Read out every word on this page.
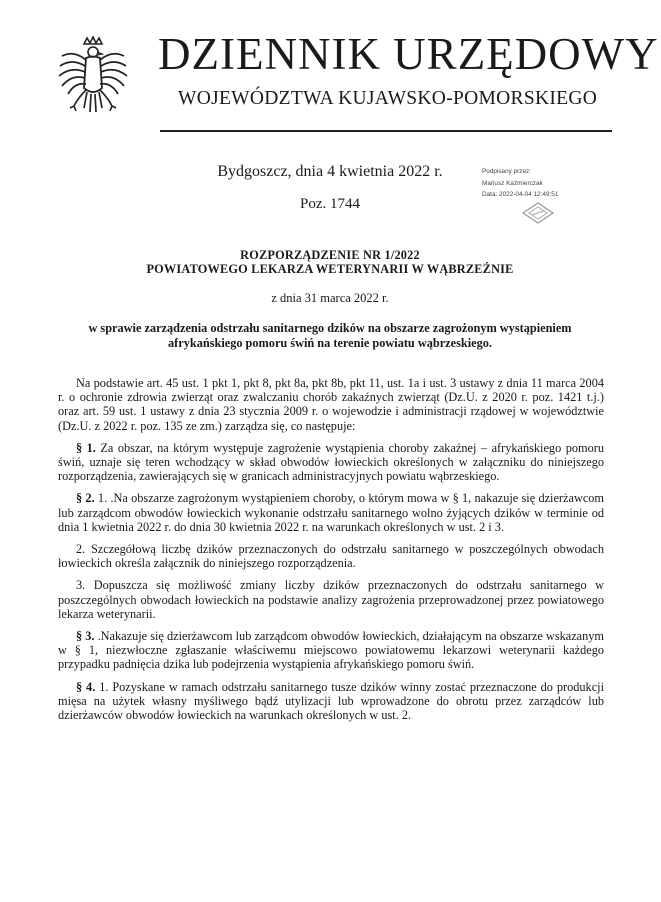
DZIENNIK URZĘDOWY
WOJEWÓDZTWA KUJAWSKO-POMORSKIEGO
Bydgoszcz, dnia 4 kwietnia 2022 r.
Poz. 1744
Podpisany przez:
Mariusz Kaźmierczak
Data: 2022-04-04 12:49:51
ROZPORZĄDZENIE NR 1/2022
POWIATOWEGO LEKARZA WETERYNARII W WĄBRZEŹNIE
z dnia 31 marca 2022 r.
w sprawie zarządzenia odstrzału sanitarnego dzików na obszarze zagrożonym wystąpieniem afrykańskiego pomoru świń na terenie powiatu wąbrzeskiego.

Na podstawie art. 45 ust. 1 pkt 1, pkt 8, pkt 8a, pkt 8b, pkt 11, ust. 1a i ust. 3 ustawy z dnia 11 marca 2004 r. o ochronie zdrowia zwierząt oraz zwalczaniu chorób zakaźnych zwierząt (Dz.U. z 2020 r. poz. 1421 t.j.) oraz art. 59 ust. 1 ustawy z dnia 23 stycznia 2009 r. o wojewodzie i administracji rządowej w województwie (Dz.U. z 2022 r. poz. 135 ze zm.) zarządza się, co następuje:

§ 1. Za obszar, na którym występuje zagrożenie wystąpienia choroby zakaźnej – afrykańskiego pomoru świń, uznaje się teren wchodzący w skład obwodów łowieckich określonych w załączniku do niniejszego rozporządzenia, zawierających się w granicach administracyjnych powiatu wąbrzeskiego.

§ 2. 1. .Na obszarze zagrożonym wystąpieniem choroby, o którym mowa w § 1, nakazuje się dzierżawcom lub zarządcom obwodów łowieckich wykonanie odstrzału sanitarnego wolno żyjących dzików w terminie od dnia 1 kwietnia 2022 r. do dnia 30 kwietnia 2022 r. na warunkach określonych w ust. 2 i 3.

2. Szczegółową liczbę dzików przeznaczonych do odstrzału sanitarnego w poszczególnych obwodach łowieckich określa załącznik do niniejszego rozporządzenia.

3. Dopuszcza się możliwość zmiany liczby dzików przeznaczonych do odstrzału sanitarnego w poszczególnych obwodach łowieckich na podstawie analizy zagrożenia przeprowadzonej przez powiatowego lekarza weterynarii.

§ 3. .Nakazuje się dzierżawcom lub zarządcom obwodów łowieckich, działającym na obszarze wskazanym w § 1, niezwłoczne zgłaszanie właściwemu miejscowo powiatowemu lekarzowi weterynarii każdego przypadku padnięcia dzika lub podejrzenia wystąpienia afrykańskiego pomoru świń.

§ 4. 1. Pozyskane w ramach odstrzału sanitarnego tusze dzików winny zostać przeznaczone do produkcji mięsa na użytek własny myśliwego bądź utylizacji lub wprowadzone do obrotu przez zarządców lub dzierżawców obwodów łowieckich na warunkach określonych w ust. 2.
